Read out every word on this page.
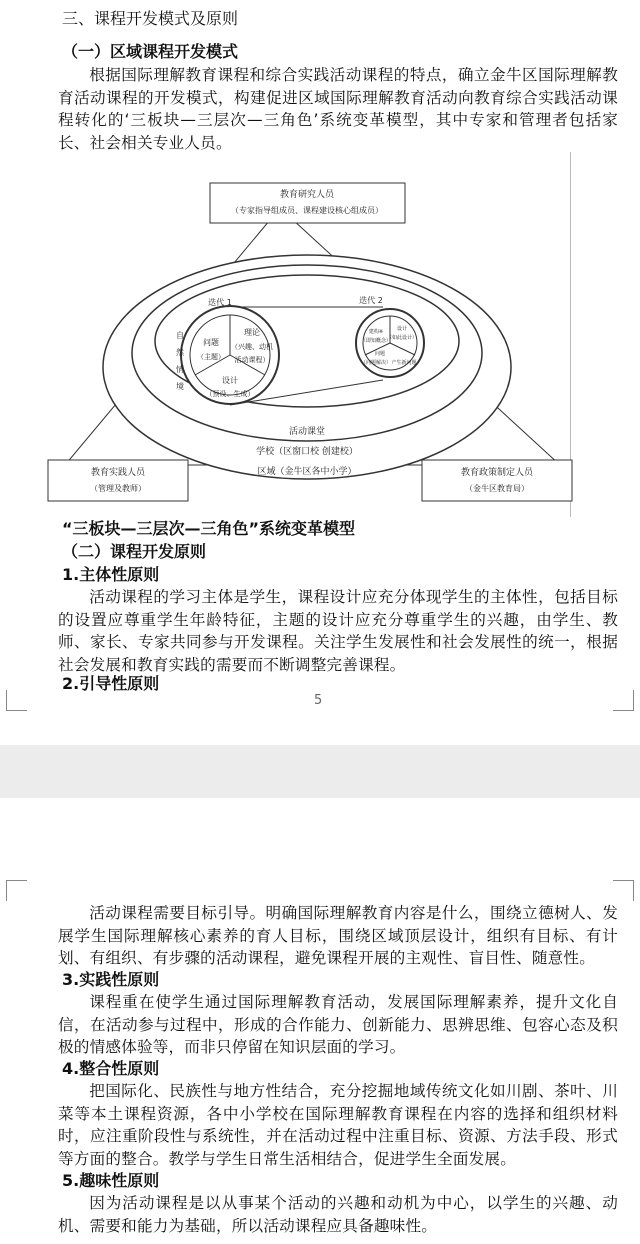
三、课程开发模式及原则
（一）区域课程开发模式
根据国际理解教育课程和综合实践活动课程的特点，确立金牛区国际理解教育活动课程的开发模式，构建促进区域国际理解教育活动向教育综合实践活动课程转化的‘三板块—三层次—三角色’系统变革模型，其中专家和管理者包括家长、社会相关专业人员。
教育研究人员
（专家指导组成员、课程建设核心组成员）
迭代 1	迭代 2
自
然
情
境
问题
（主题）
理论
（兴趣、动机
活动课程）
设计
（预设、生成）
建构※
（即知概念）
设计
（如此设计）
问题
（问题解决） 产生新问题
活动课堂
学校（区窗口校 创建校）
区域（金牛区各中小学）
教育实践人员
（管理及教师）
教育政策制定人员
（金牛区教育局）
“三板块—三层次—三角色”系统变革模型
（二）课程开发原则
1.主体性原则
活动课程的学习主体是学生，课程设计应充分体现学生的主体性，包括目标的设置应尊重学生年龄特征，主题的设计应充分尊重学生的兴趣，由学生、教师、家长、专家共同参与开发课程。关注学生发展性和社会发展性的统一，根据社会发展和教育实践的需要而不断调整完善课程。
2.引导性原则
5
活动课程需要目标引导。明确国际理解教育内容是什么，围绕立德树人、发展学生国际理解核心素养的育人目标，围绕区域顶层设计，组织有目标、有计划、有组织、有步骤的活动课程，避免课程开展的主观性、盲目性、随意性。
3.实践性原则
课程重在使学生通过国际理解教育活动，发展国际理解素养，提升文化自信，在活动参与过程中，形成的合作能力、创新能力、思辨思维、包容心态及积极的情感体验等，而非只停留在知识层面的学习。
4.整合性原则
把国际化、民族性与地方性结合，充分挖掘地域传统文化如川剧、茶叶、川菜等本土课程资源，各中小学校在国际理解教育课程在内容的选择和组织材料时，应注重阶段性与系统性，并在活动过程中注重目标、资源、方法手段、形式等方面的整合。教学与学生日常生活相结合，促进学生全面发展。
5.趣味性原则
因为活动课程是以从事某个活动的兴趣和动机为中心，以学生的兴趣、动机、需要和能力为基础，所以活动课程应具备趣味性。
